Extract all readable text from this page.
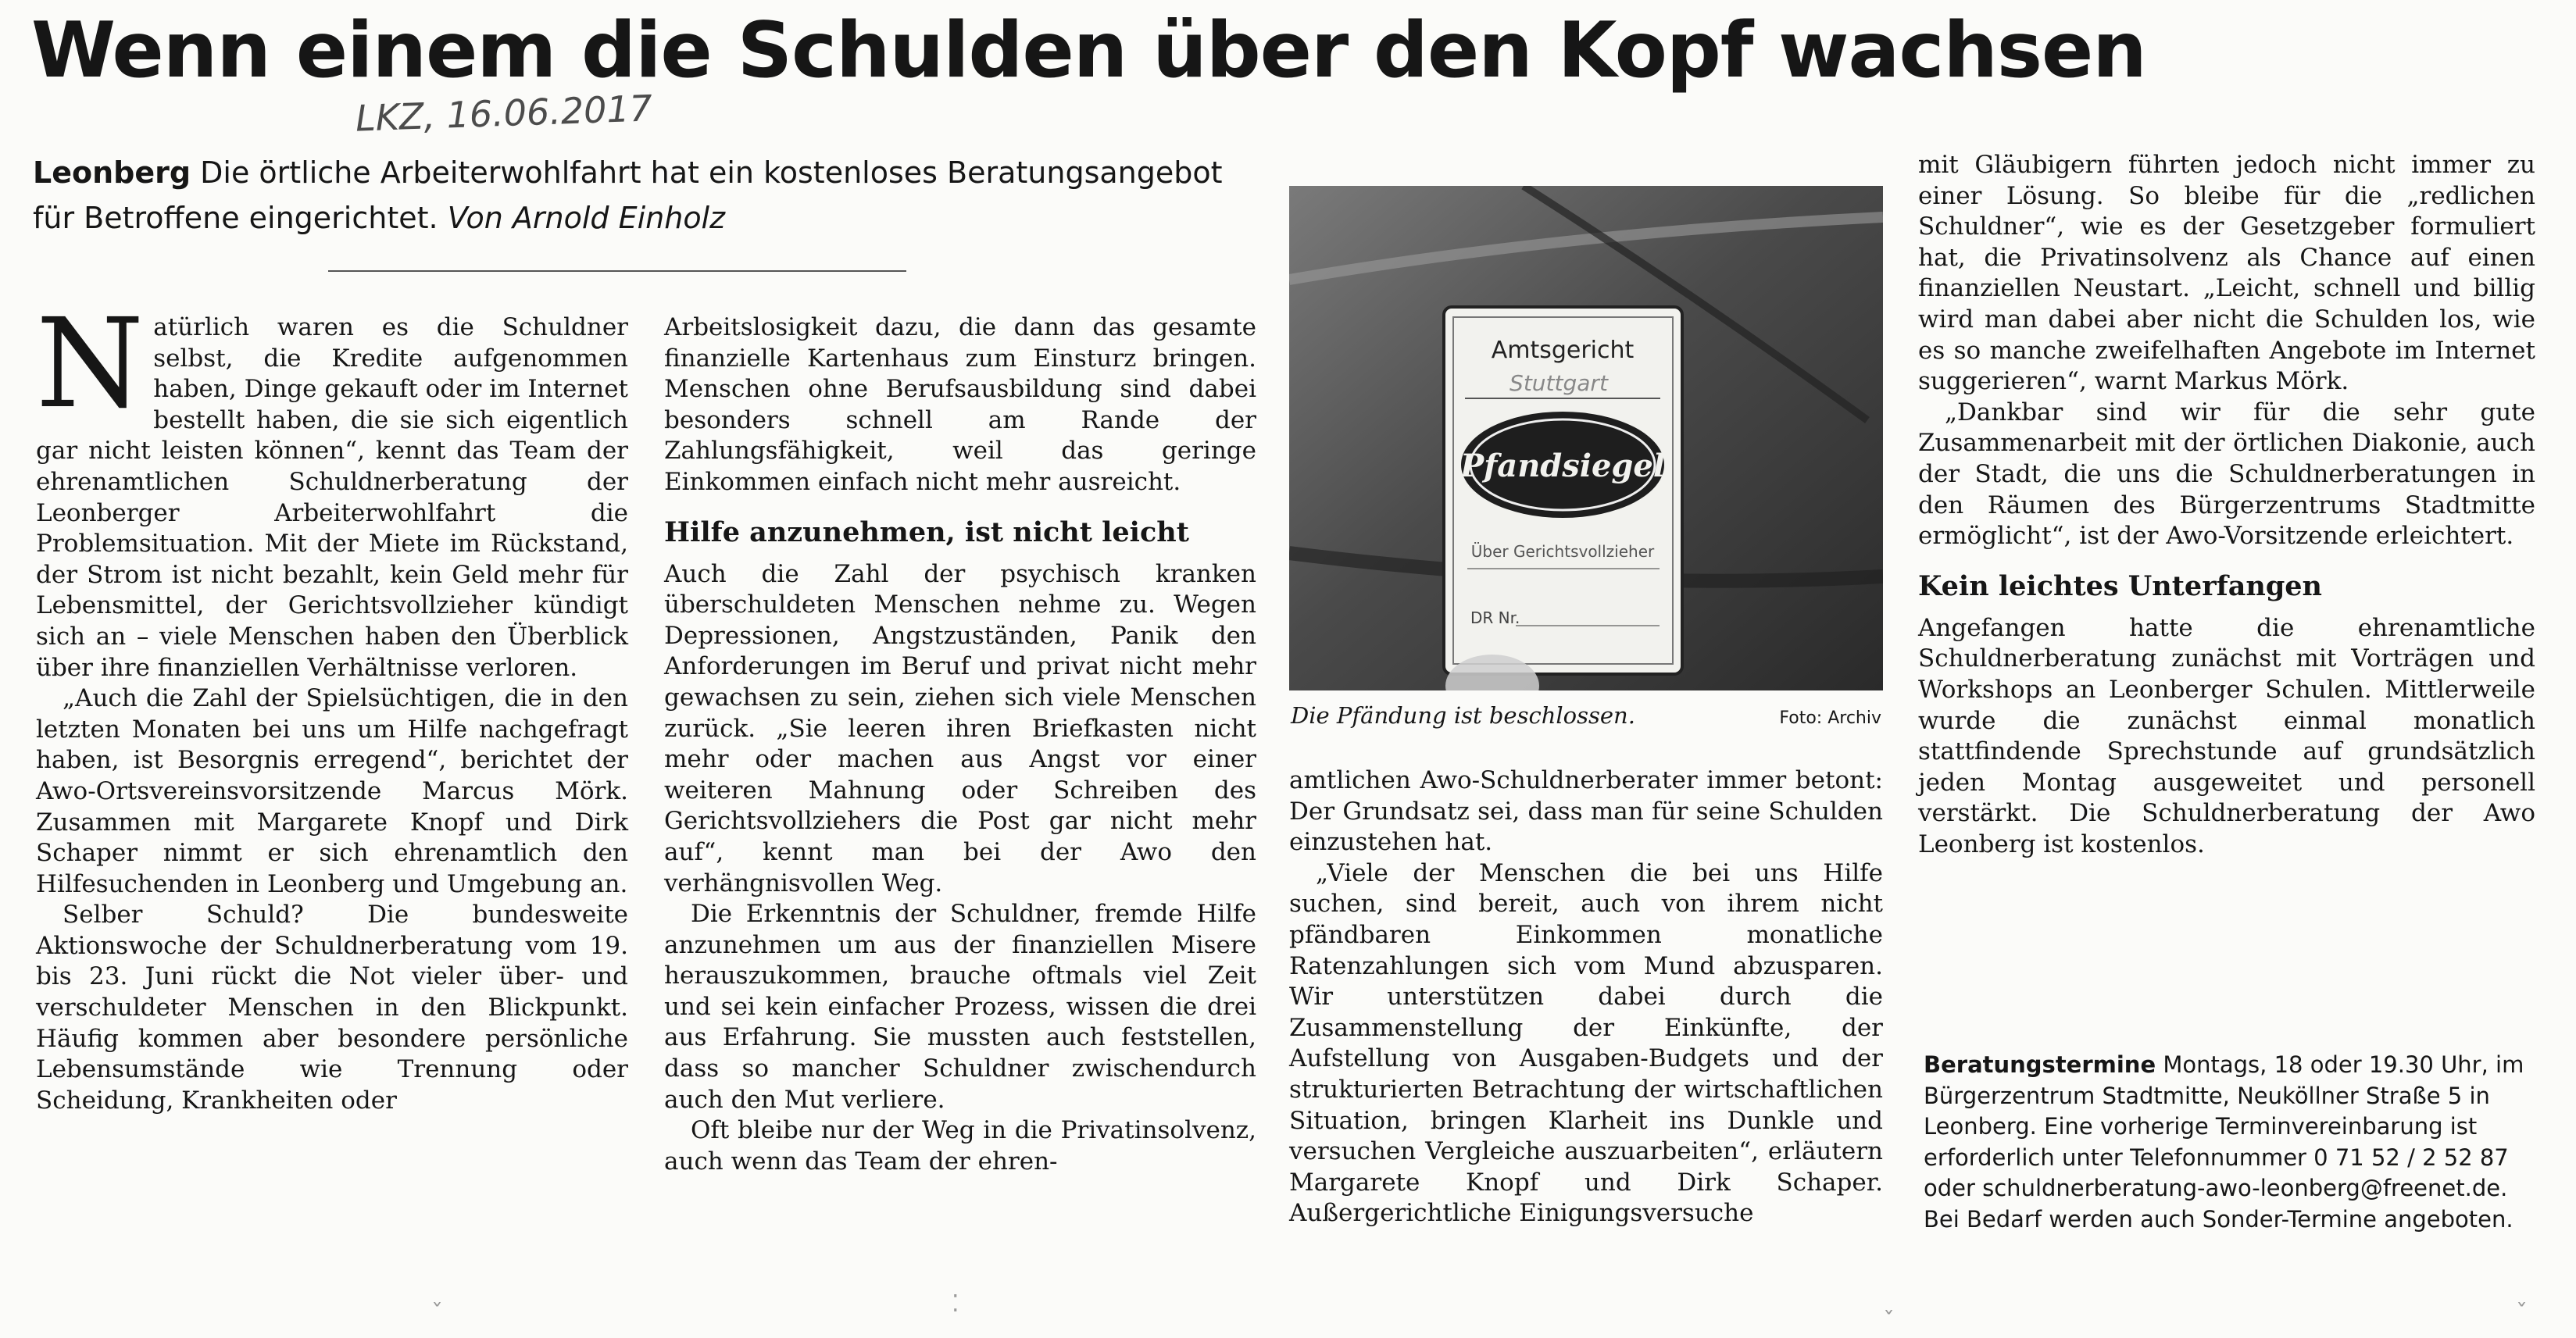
Wenn einem die Schulden über den Kopf wachsen
LKZ, 16.06.2017
Leonberg Die örtliche Arbeiterwohlfahrt hat ein kostenloses Beratungsangebot für Betroffene eingerichtet. Von Arnold Einholz

Natürlich waren es die Schuldner selbst, die Kredite aufgenommen haben, Dinge gekauft oder im Internet bestellt haben, die sie sich eigentlich gar nicht leisten können“, kennt das Team der ehrenamtlichen Schuldnerberatung der Leonberger Arbeiterwohlfahrt die Problemsituation. Mit der Miete im Rückstand, der Strom ist nicht bezahlt, kein Geld mehr für Lebensmittel, der Gerichtsvollzieher kündigt sich an – viele Menschen haben den Überblick über ihre finanziellen Verhältnisse verloren.

„Auch die Zahl der Spielsüchtigen, die in den letzten Monaten bei uns um Hilfe nachgefragt haben, ist Besorgnis erregend“, berichtet der Awo-Ortsvereinsvorsitzende Marcus Mörk. Zusammen mit Margarete Knopf und Dirk Schaper nimmt er sich ehrenamtlich den Hilfesuchenden in Leonberg und Umgebung an.

Selber Schuld? Die bundesweite Aktionswoche der Schuldnerberatung vom 19. bis 23. Juni rückt die Not vieler über- und verschuldeter Menschen in den Blickpunkt. Häufig kommen aber besondere persönliche Lebensumstände wie Trennung oder Scheidung, Krankheiten oder

Arbeitslosigkeit dazu, die dann das gesamte finanzielle Kartenhaus zum Einsturz bringen. Menschen ohne Berufsausbildung sind dabei besonders schnell am Rande der Zahlungsfähigkeit, weil das geringe Einkommen einfach nicht mehr ausreicht.

Hilfe anzunehmen, ist nicht leicht

Auch die Zahl der psychisch kranken überschuldeten Menschen nehme zu. Wegen Depressionen, Angstzuständen, Panik den Anforderungen im Beruf und privat nicht mehr gewachsen zu sein, ziehen sich viele Menschen zurück. „Sie leeren ihren Briefkasten nicht mehr oder machen aus Angst vor einer weiteren Mahnung oder Schreiben des Gerichtsvollziehers die Post gar nicht mehr auf“, kennt man bei der Awo den verhängnisvollen Weg.

Die Erkenntnis der Schuldner, fremde Hilfe anzunehmen um aus der finanziellen Misere herauszukommen, brauche oftmals viel Zeit und sei kein einfacher Prozess, wissen die drei aus Erfahrung. Sie mussten auch feststellen, dass so mancher Schuldner zwischendurch auch den Mut verliere.

Oft bleibe nur der Weg in die Privatinsolvenz, auch wenn das Team der ehren-

Amtsgericht
Stuttgart
Pfandsiegel
Über Gerichtsvollzieher
DR Nr.
Die Pfändung ist beschlossen.	Foto: Archiv

amtlichen Awo-Schuldnerberater immer betont: Der Grundsatz sei, dass man für seine Schulden einzustehen hat.

„Viele der Menschen die bei uns Hilfe suchen, sind bereit, auch von ihrem nicht pfändbaren Einkommen monatliche Ratenzahlungen sich vom Mund abzusparen. Wir unterstützen dabei durch die Zusammenstellung der Einkünfte, der Aufstellung von Ausgaben-Budgets und der strukturierten Betrachtung der wirtschaftlichen Situation, bringen Klarheit ins Dunkle und versuchen Vergleiche auszuarbeiten“, erläutern Margarete Knopf und Dirk Schaper. Außergerichtliche Einigungsversuche

mit Gläubigern führten jedoch nicht immer zu einer Lösung. So bleibe für die „redlichen Schuldner“, wie es der Gesetzgeber formuliert hat, die Privatinsolvenz als Chance auf einen finanziellen Neustart. „Leicht, schnell und billig wird man dabei aber nicht die Schulden los, wie es so manche zweifelhaften Angebote im Internet suggerieren“, warnt Markus Mörk.

„Dankbar sind wir für die sehr gute Zusammenarbeit mit der örtlichen Diakonie, auch der Stadt, die uns die Schuldnerberatungen in den Räumen des Bürgerzentrums Stadtmitte ermöglicht“, ist der Awo-Vorsitzende erleichtert.

Kein leichtes Unterfangen

Angefangen hatte die ehrenamtliche Schuldnerberatung zunächst mit Vorträgen und Workshops an Leonberger Schulen. Mittlerweile wurde die zunächst einmal monatlich stattfindende Sprechstunde auf grundsätzlich jeden Montag ausgeweitet und personell verstärkt. Die Schuldnerberatung der Awo Leonberg ist kostenlos.

Beratungstermine Montags, 18 oder 19.30 Uhr, im Bürgerzentrum Stadtmitte, Neuköllner Straße 5 in Leonberg. Eine vorherige Terminvereinbarung ist erforderlich unter Telefonnummer 0 71 52 / 2 52 87 oder schuldnerberatung-awo-leonberg@freenet.de. Bei Bedarf werden auch Sonder-Termine angeboten.
ˇ	⁚
ˇ	ˇ
